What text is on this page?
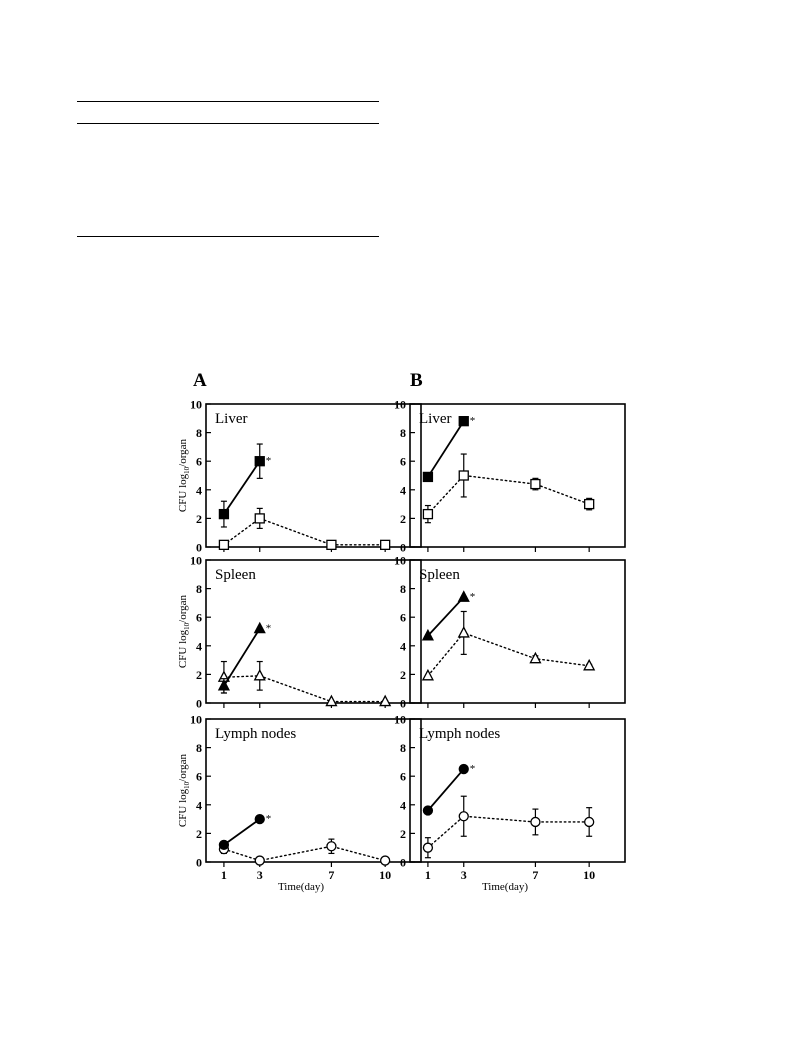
A	B
0
2
4
6
8
10
Liver
CFU $\log_{10}$/organ	*
0
2
4
6
8
10
Spleen
CFU $\log_{10}$/organ
*
0
2
4
6
8
10
1 3	7	10
Lymph nodes
CFU $\log_{10}$/organ
Time(day)
*
0
2
4
6
8
10
Liver *
0
2
4
6
8
10
Spleen
*
0
2
4
6
8
10
1 3	7	10
Lymph nodes
Time(day)
*
